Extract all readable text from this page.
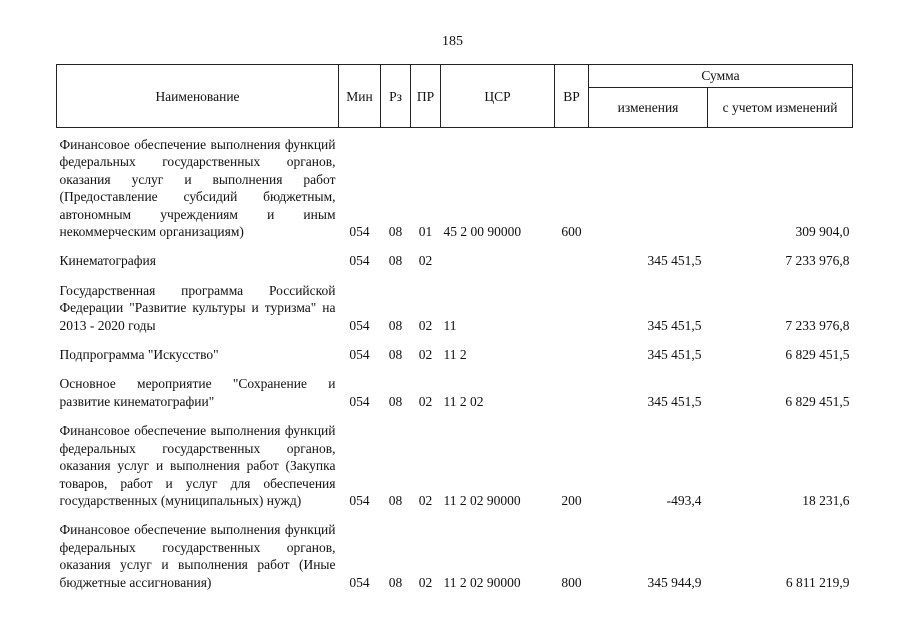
185
Наименование	Мин	Рз	ПР	ЦСР	ВР	Сумма	
						изменения	с учетом изменений
Финансовое обеспечение выполнения функций федеральных государственных органов, оказания услуг и выполнения работ (Предоставление субсидий бюджетным, автономным учреждениям и иным некоммерческим организациям)	054	08	01	45 2 00 90000	600		309 904,0
Кинематография	054	08	02			345 451,5	7 233 976,8
Государственная программа Российской Федерации "Развитие культуры и туризма" на 2013 - 2020 годы	054	08	02	11		345 451,5	7 233 976,8
Подпрограмма "Искусство"	054	08	02	11 2		345 451,5	6 829 451,5
Основное мероприятие "Сохранение и развитие кинематографии"	054	08	02	11 2 02		345 451,5	6 829 451,5
Финансовое обеспечение выполнения функций федеральных государственных органов, оказания услуг и выполнения работ (Закупка товаров, работ и услуг для обеспечения государственных (муниципальных) нужд)	054	08	02	11 2 02 90000	200	-493,4	18 231,6
Финансовое обеспечение выполнения функций федеральных государственных органов, оказания услуг и выполнения работ (Иные бюджетные ассигнования)	054	08	02	11 2 02 90000	800	345 944,9	6 811 219,9
